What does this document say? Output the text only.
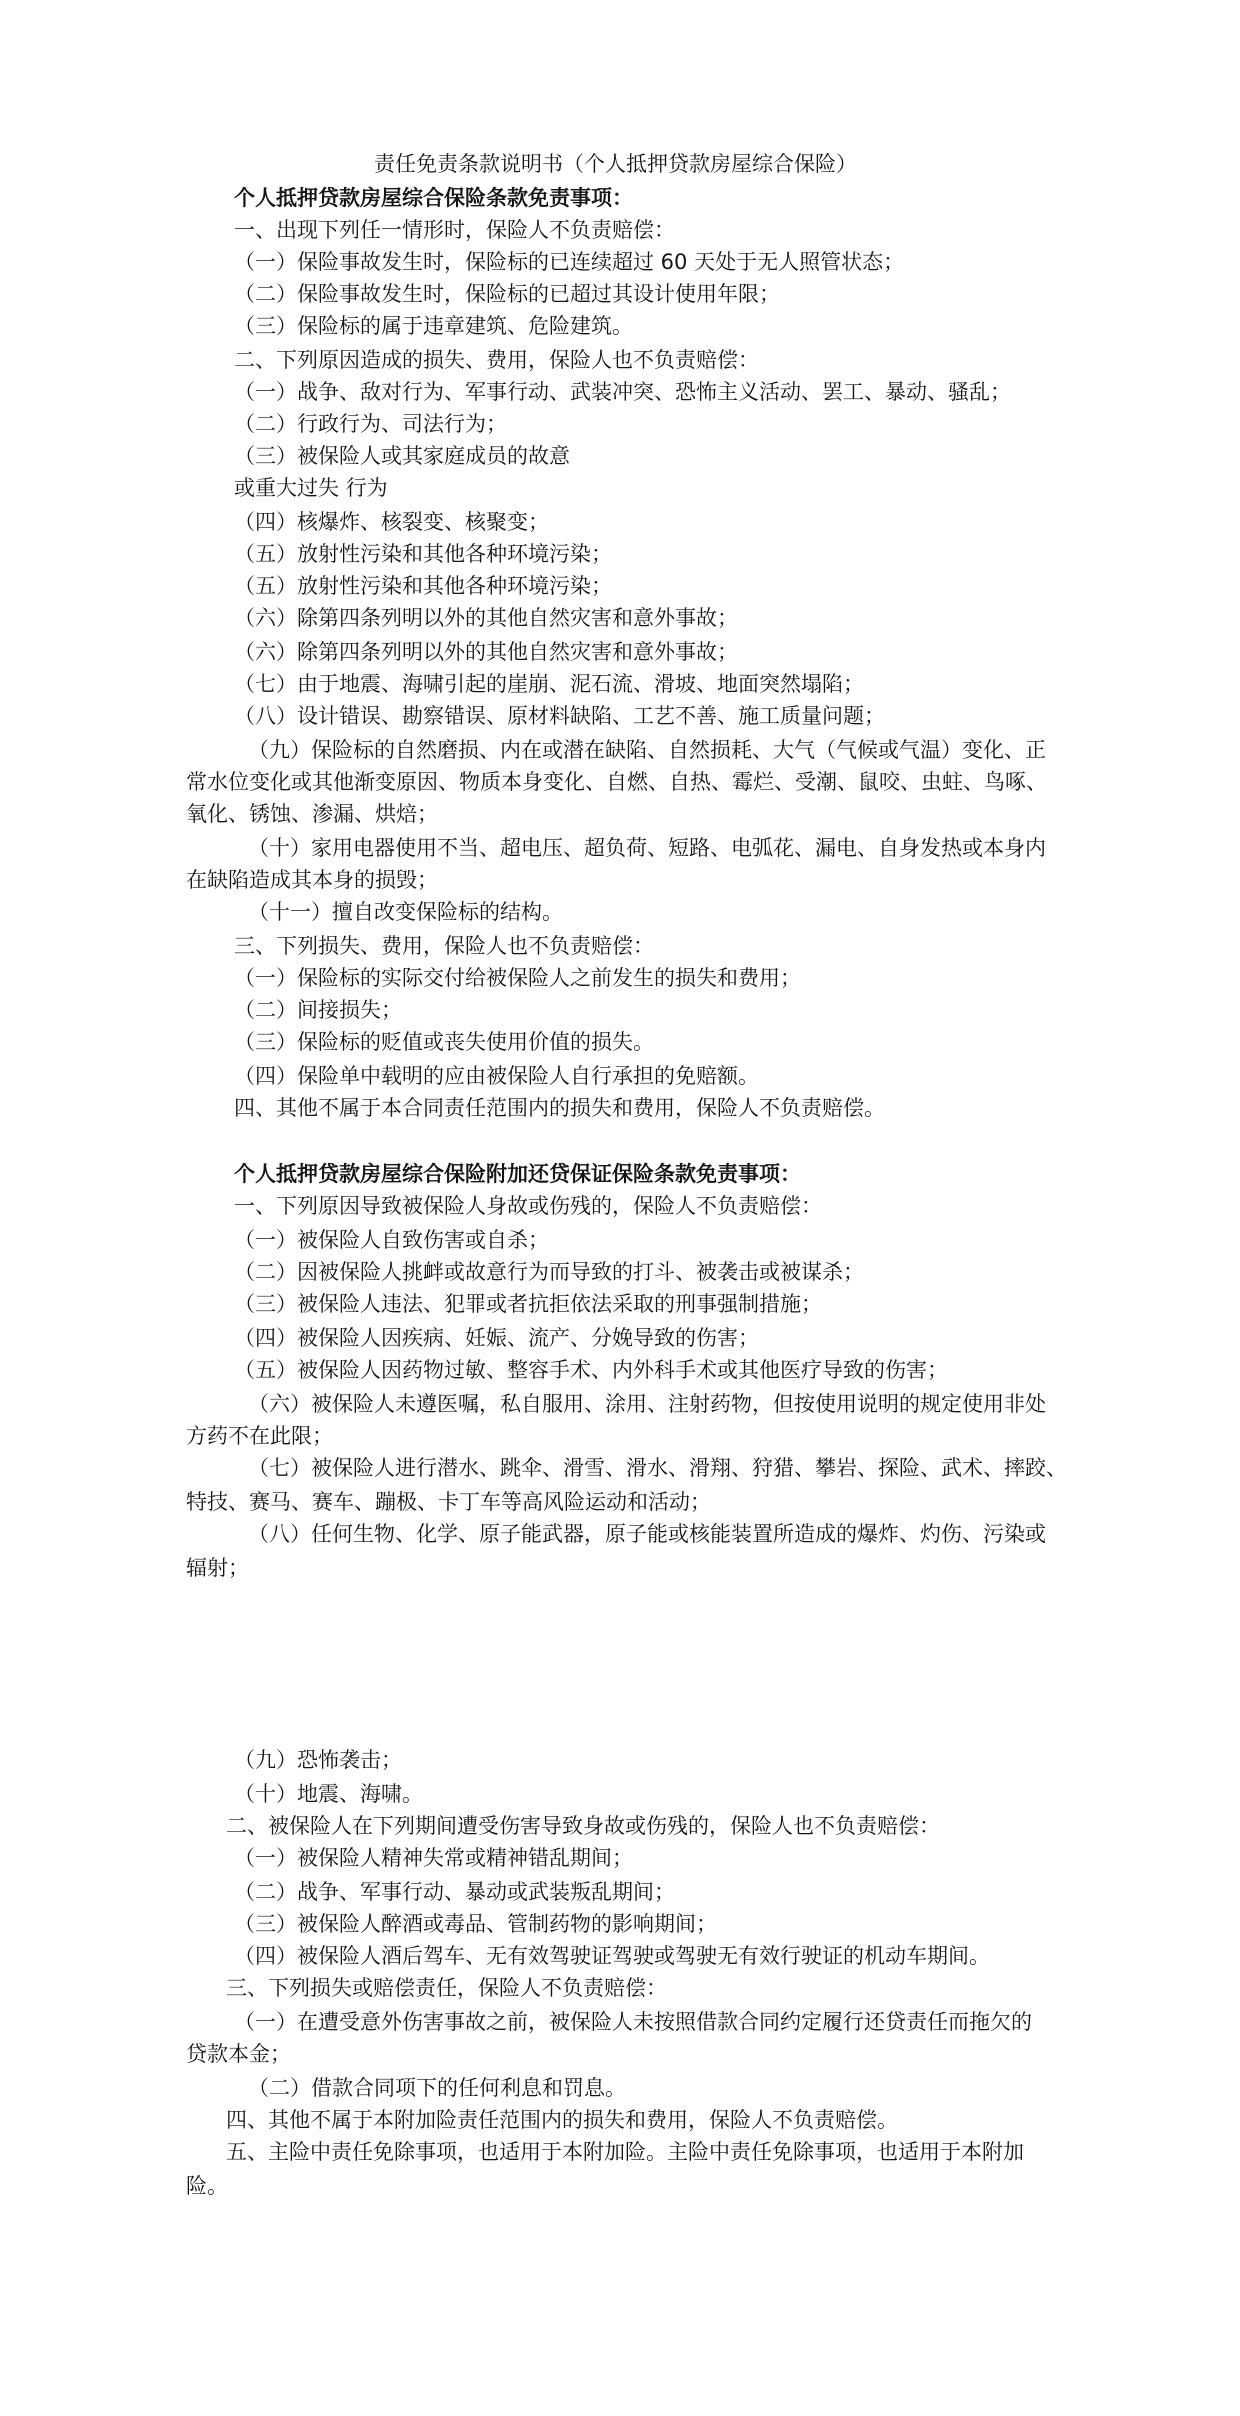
责任免责条款说明书（个人抵押贷款房屋综合保险）
个人抵押贷款房屋综合保险条款免责事项：
一、出现下列任一情形时，保险人不负责赔偿：
（一）保险事故发生时，保险标的已连续超过 60 天处于无人照管状态；
（二）保险事故发生时，保险标的已超过其设计使用年限；
（三）保险标的属于违章建筑、危险建筑。
二、下列原因造成的损失、费用，保险人也不负责赔偿：
（一）战争、敌对行为、军事行动、武装冲突、恐怖主义活动、罢工、暴动、骚乱；
（二）行政行为、司法行为；
（三）被保险人或其家庭成员的故意
或重大过失 行为
（四）核爆炸、核裂变、核聚变；
（五）放射性污染和其他各种环境污染；
（五）放射性污染和其他各种环境污染；
（六）除第四条列明以外的其他自然灾害和意外事故；
（六）除第四条列明以外的其他自然灾害和意外事故；
（七）由于地震、海啸引起的崖崩、泥石流、滑坡、地面突然塌陷；
（八）设计错误、勘察错误、原材料缺陷、工艺不善、施工质量问题；
（九）保险标的自然磨损、内在或潜在缺陷、自然损耗、大气（气候或气温）变化、正
常水位变化或其他渐变原因、物质本身变化、自燃、自热、霉烂、受潮、鼠咬、虫蛀、鸟啄、
氧化、锈蚀、渗漏、烘焙；
（十）家用电器使用不当、超电压、超负荷、短路、电弧花、漏电、自身发热或本身内
在缺陷造成其本身的损毁；
（十一）擅自改变保险标的结构。
三、下列损失、费用，保险人也不负责赔偿：
（一）保险标的实际交付给被保险人之前发生的损失和费用；
（二）间接损失；
（三）保险标的贬值或丧失使用价值的损失。
（四）保险单中载明的应由被保险人自行承担的免赔额。
四、其他不属于本合同责任范围内的损失和费用，保险人不负责赔偿。
个人抵押贷款房屋综合保险附加还贷保证保险条款免责事项：
一、下列原因导致被保险人身故或伤残的，保险人不负责赔偿：
（一）被保险人自致伤害或自杀；
（二）因被保险人挑衅或故意行为而导致的打斗、被袭击或被谋杀；
（三）被保险人违法、犯罪或者抗拒依法采取的刑事强制措施；
（四）被保险人因疾病、妊娠、流产、分娩导致的伤害；
（五）被保险人因药物过敏、整容手术、内外科手术或其他医疗导致的伤害；
（六）被保险人未遵医嘱，私自服用、涂用、注射药物，但按使用说明的规定使用非处
方药不在此限；
（七）被保险人进行潜水、跳伞、滑雪、滑水、滑翔、狩猎、攀岩、探险、武术、摔跤、
特技、赛马、赛车、蹦极、卡丁车等高风险运动和活动；
（八）任何生物、化学、原子能武器，原子能或核能装置所造成的爆炸、灼伤、污染或
辐射；
（九）恐怖袭击；
（十）地震、海啸。
二、被保险人在下列期间遭受伤害导致身故或伤残的，保险人也不负责赔偿：
（一）被保险人精神失常或精神错乱期间；
（二）战争、军事行动、暴动或武装叛乱期间；
（三）被保险人醉酒或毒品、管制药物的影响期间；
（四）被保险人酒后驾车、无有效驾驶证驾驶或驾驶无有效行驶证的机动车期间。
三、下列损失或赔偿责任，保险人不负责赔偿：
（一）在遭受意外伤害事故之前，被保险人未按照借款合同约定履行还贷责任而拖欠的
贷款本金；
（二）借款合同项下的任何利息和罚息。
四、其他不属于本附加险责任范围内的损失和费用，保险人不负责赔偿。
五、主险中责任免除事项，也适用于本附加险。主险中责任免除事项，也适用于本附加
险。
